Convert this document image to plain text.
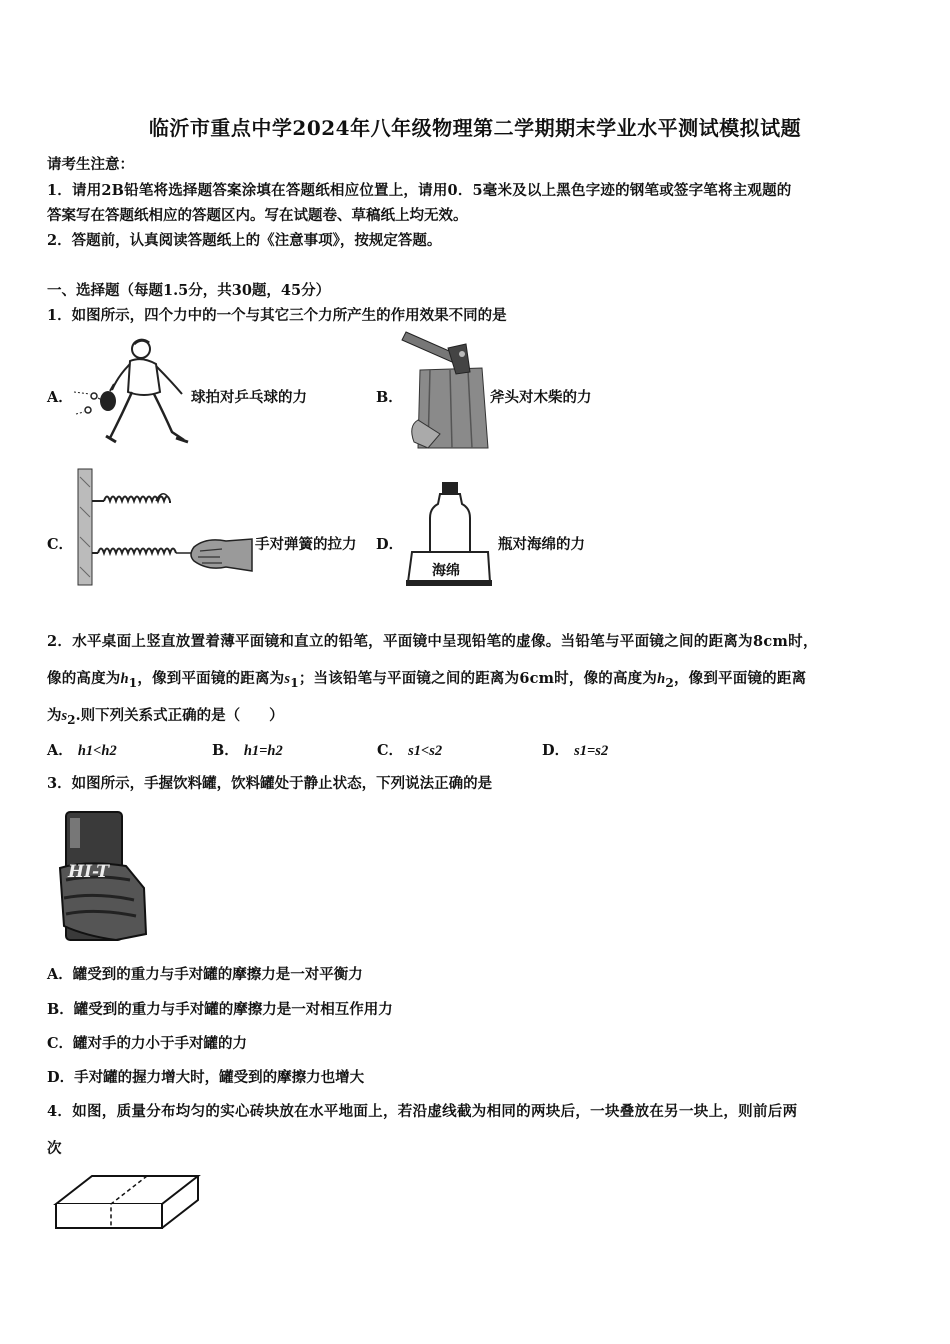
临沂市重点中学2024年八年级物理第二学期期末学业水平测试模拟试题
请考生注意：
1．请用2B铅笔将选择题答案涂填在答题纸相应位置上，请用0．5毫米及以上黑色字迹的钢笔或签字笔将主观题的
答案写在答题纸相应的答题区内。写在试题卷、草稿纸上均无效。
2．答题前，认真阅读答题纸上的《注意事项》，按规定答题。
一、选择题（每题1.5分，共30题，45分）
1．如图所示，四个力中的一个与其它三个力所产生的作用效果不同的是
A．	球拍对乒乓球的力	B．	斧头对木柴的力
C．	手对弹簧的拉力 D．
海绵
瓶对海绵的力
2．水平桌面上竖直放置着薄平面镜和直立的铅笔，平面镜中呈现铅笔的虚像。当铅笔与平面镜之间的距离为8cm时，
像的高度为$h_1$，像到平面镜的距离为$s_1$；当该铅笔与平面镜之间的距离为6cm时，像的高度为$h_2$，像到平面镜的距离
为$s_2$.则下列关系式正确的是（　　）
A． h1<h2	B． h1=h2	C． s1<s2	D． s1=s2
3．如图所示，手握饮料罐，饮料罐处于静止状态，下列说法正确的是
HI-T
A．罐受到的重力与手对罐的摩擦力是一对平衡力
B．罐受到的重力与手对罐的摩擦力是一对相互作用力
C．罐对手的力小于手对罐的力
D．手对罐的握力增大时，罐受到的摩擦力也增大
4．如图，质量分布均匀的实心砖块放在水平地面上，若沿虚线截为相同的两块后，一块叠放在另一块上，则前后两
次
